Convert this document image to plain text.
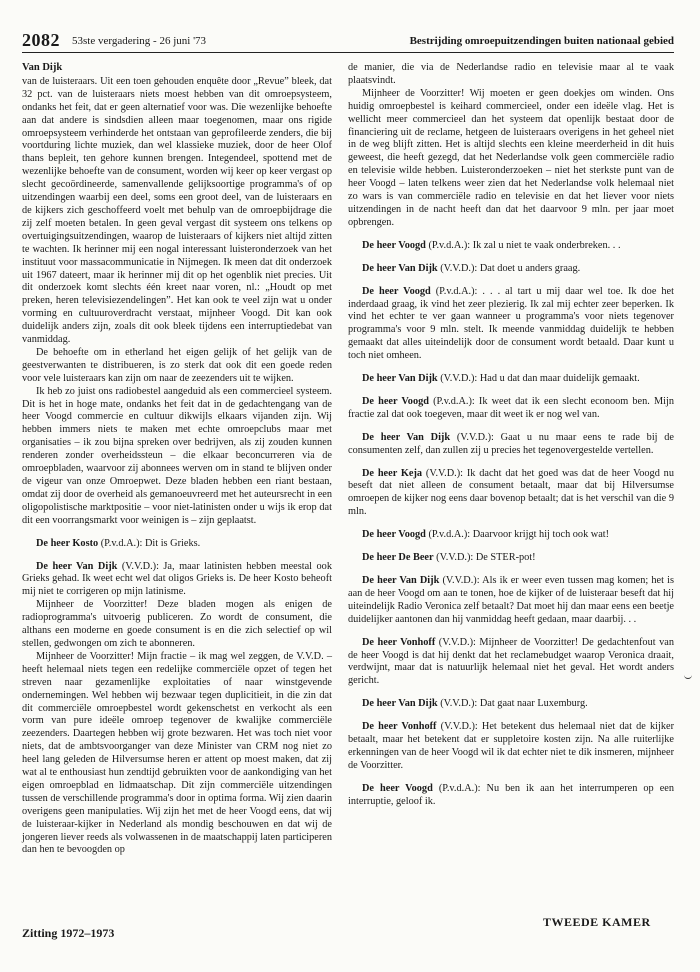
2082 53ste vergadering - 26 juni '73	Bestrijding omroepuitzendingen buiten nationaal gebied

Van Dijk

van de luisteraars. Uit een toen gehouden enquête door „Revue” bleek, dat 32 pct. van de luisteraars niets moest hebben van dit omroepsysteem, ondanks het feit, dat er geen alternatief voor was. Die wezenlijke behoefte aan dat andere is sindsdien alleen maar toegenomen, maar ons rigide omroepsysteem verhinderde het ontstaan van geprofileerde zenders, die bij voortduring lichte muziek, dan wel klassieke muziek, door de heer Olof thans bepleit, ten gehore kunnen brengen. Integendeel, spottend met de wezenlijke behoefte van de consument, worden wij keer op keer vergast op slecht gecoördineerde, samenvallende gelijksoortige programma's of op uitzendingen waarbij een deel, soms een groot deel, van de luisteraars en de kijkers zich geschoffeerd voelt met behulp van de omroepbijdrage die zij zelf moeten betalen. In geen geval vergast dit systeem ons telkens op overtuigingsuitzendingen, waarop de luisteraars of kijkers niet altijd zitten te wachten. Ik herinner mij een nogal interessant luisteronderzoek van het instituut voor massacommunicatie in Nijmegen. Ik meen dat dit onderzoek uit 1967 dateert, maar ik herinner mij dit op het ogenblik niet precies. Uit dit onderzoek komt slechts één kreet naar voren, nl.: „Houdt op met preken, heren televisiezendelingen”. Het kan ook te veel zijn wat u onder vorming en cultuuroverdracht verstaat, mijnheer Voogd. Dit kan ook duidelijk anders zijn, zoals dit ook bleek tijdens een interruptiedebat van vanmiddag.

De behoefte om in etherland het eigen gelijk of het gelijk van de geestverwanten te distribueren, is zo sterk dat ook dit een goede reden voor vele luisteraars kan zijn om naar de zeezenders uit te wijken.

Ik heb zo juist ons radiobestel aangeduid als een commercieel systeem. Dit is het in hoge mate, ondanks het feit dat in de gedachtengang van de heer Voogd commercie en cultuur dikwijls elkaars vijanden zijn. Wij hebben immers niets te maken met echte omroepclubs maar met organisaties – ik zou bijna spreken over bedrijven, als zij zouden kunnen renderen zonder overheidssteun – die elkaar beconcurreren via de omroepbladen, waarvoor zij abonnees werven om in stand te blijven onder de vigeur van onze Omroepwet. Deze bladen hebben een riant bestaan, omdat zij door de overheid als gemanoeuvreerd met het auteursrecht in een oligopolistische marktpositie – voor niet-latinisten onder u wijs ik erop dat dit een voorrangsmarkt voor weinigen is – zijn geplaatst.

De heer Kosto (P.v.d.A.): Dit is Grieks.

De heer Van Dijk (V.V.D.): Ja, maar latinisten hebben meestal ook Grieks gehad. Ik weet echt wel dat oligos Grieks is. De heer Kosto beheoft mij niet te corrigeren op mijn latinisme.

Mijnheer de Voorzitter! Deze bladen mogen als enigen de radioprogramma's uitvoerig publiceren. Zo wordt de consument, die althans een moderne en goede consument is en die zich selectief op wil stellen, gedwongen om zich te abonneren.

Mijnheer de Voorzitter! Mijn fractie – ik mag wel zeggen, de V.V.D. – heeft helemaal niets tegen een redelijke commerciële opzet of tegen het streven naar gezamenlijke exploitaties of naar winstgevende ondernemingen. Wel hebben wij bezwaar tegen duplicitieit, in die zin dat dit commerciële omroepbestel wordt gekenschetst en verkocht als een vorm van pure ideële omroep tegenover de kwalijke commerciële zeezenders. Daartegen hebben wij grote bezwaren. Het was toch niet voor niets, dat de ambtsvoorganger van deze Minister van CRM nog niet zo heel lang geleden de Hilversumse heren er attent op moest maken, dat zij wat al te enthousiast hun zendtijd gebruikten voor de aankondiging van het eigen omroepblad en lidmaatschap. Dit zijn commerciële uitzendingen tussen de verschillende programma's door in optima forma. Wij zien daarin overigens geen manipulaties. Wij zijn het met de heer Voogd eens, dat wij de luisteraar-kijker in Nederland als mondig beschouwen en dat wij de jongeren liever reeds als volwassenen in de maatschappij laten participeren dan hen te bevoogden op

de manier, die via de Nederlandse radio en televisie maar al te vaak plaatsvindt.

Mijnheer de Voorzitter! Wij moeten er geen doekjes om winden. Ons huidig omroepbestel is keihard commercieel, onder een ideële vlag. Het is wellicht meer commercieel dan het systeem dat openlijk bestaat door de financiering uit de reclame, hetgeen de luisteraars overigens in het geheel niet in de weg blijft zitten. Het is altijd slechts een kleine meerderheid in dit huis geweest, die heeft gezegd, dat het Nederlandse volk geen commerciële radio en televisie wilde hebben. Luisteronderzoeken – niet het sterkste punt van de heer Voogd – laten telkens weer zien dat het Nederlandse volk helemaal niet zo wars is van commerciële radio en televisie en dat het liever voor niets uitzendingen in de nacht heeft dan dat het daarvoor 9 mln. per jaar moet opbrengen.

De heer Voogd (P.v.d.A.): Ik zal u niet te vaak onderbreken. . .

De heer Van Dijk (V.V.D.): Dat doet u anders graag.

De heer Voogd (P.v.d.A.): . . . al tart u mij daar wel toe. Ik doe het inderdaad graag, ik vind het zeer plezierig. Ik zal mij echter zeer beperken. Ik vind het echter te ver gaan wanneer u programma's voor niets tegenover programma's voor 9 mln. stelt. Ik meende vanmiddag duidelijk te hebben gemaakt dat alles uiteindelijk door de consument wordt betaald. Daar kunt u toch niet omheen.

De heer Van Dijk (V.V.D.): Had u dat dan maar duidelijk gemaakt.

De heer Voogd (P.v.d.A.): Ik weet dat ik een slecht econoom ben. Mijn fractie zal dat ook toegeven, maar dit weet ik er nog wel van.

De heer Van Dijk (V.V.D.): Gaat u nu maar eens te rade bij de consumenten zelf, dan zullen zij u precies het tegenovergestelde vertellen.

De heer Keja (V.V.D.): Ik dacht dat het goed was dat de heer Voogd nu beseft dat niet alleen de consument betaalt, maar dat bij Hilversumse omroepen de kijker nog eens daar bovenop betaalt; dat is het verschil van die 9 mln.

De heer Voogd (P.v.d.A.): Daarvoor krijgt hij toch ook wat!

De heer De Beer (V.V.D.): De STER-pot!

De heer Van Dijk (V.V.D.): Als ik er weer even tussen mag komen; het is aan de heer Voogd om aan te tonen, hoe de kijker of de luisteraar beseft dat hij uiteindelijk Radio Veronica zelf betaalt? Dat moet hij dan maar eens een beetje duidelijker aantonen dan hij vanmiddag heeft gedaan, maar daarbij. . .

De heer Vonhoff (V.V.D.): Mijnheer de Voorzitter! De gedachtenfout van de heer Voogd is dat hij denkt dat het reclamebudget waarop Veronica draait, verdwijnt, maar dat is natuurlijk helemaal niet het geval. Het wordt anders gericht.

De heer Van Dijk (V.V.D.): Dat gaat naar Luxemburg.

De heer Vonhoff (V.V.D.): Het betekent dus helemaal niet dat de kijker betaalt, maar het betekent dat er suppletoire kosten zijn. Na alle ruiterlijke erkenningen van de heer Voogd wil ik dat echter niet te dik insmeren, mijnheer de Voorzitter.

De heer Voogd (P.v.d.A.): Nu ben ik aan het interrumperen op een interruptie, geloof ik.

Zitting 1972–1973
TWEEDE KAMER
